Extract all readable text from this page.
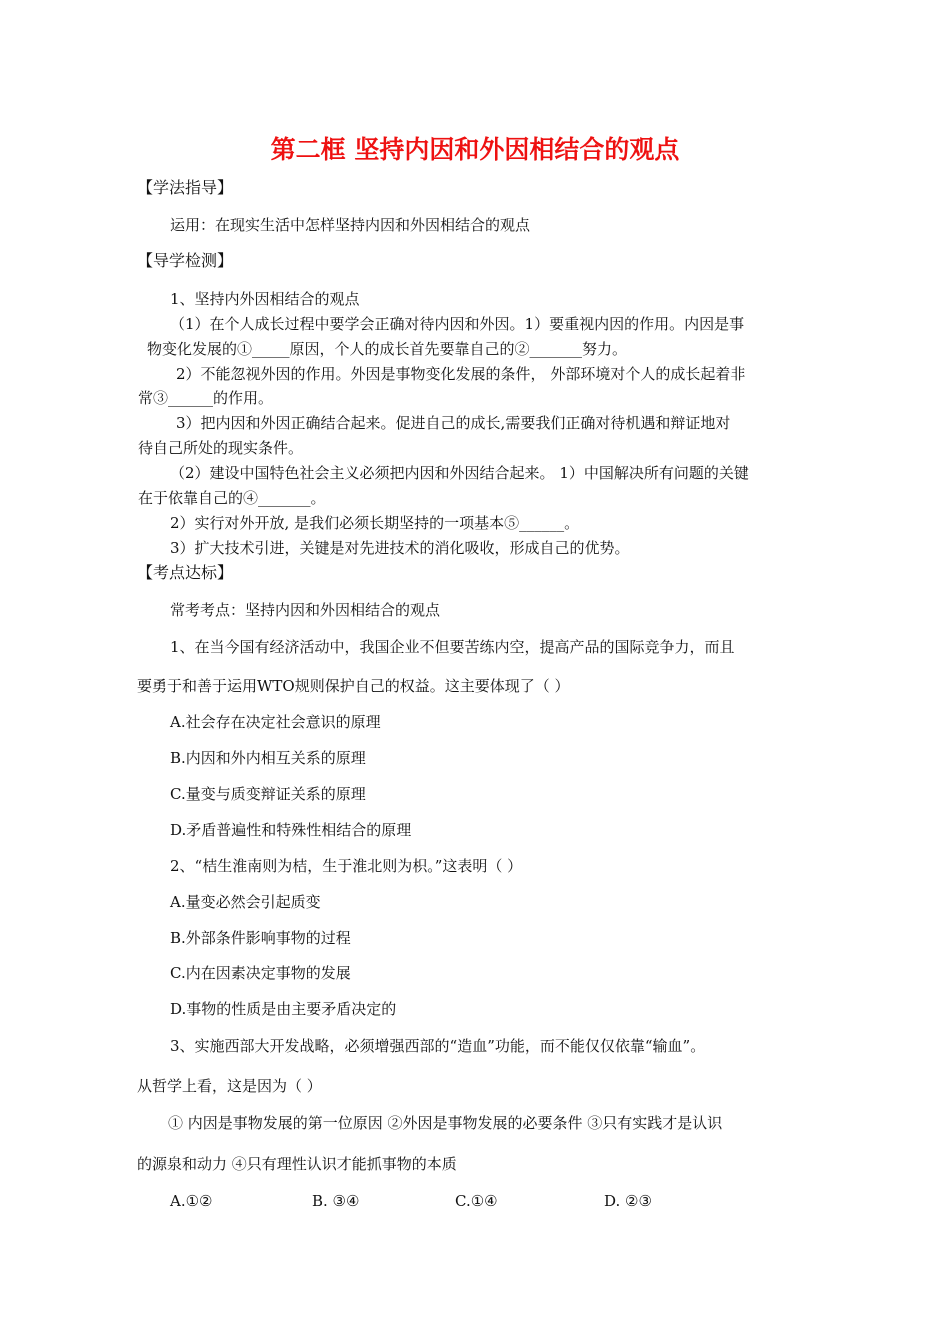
第二框 坚持内因和外因相结合的观点
【学法指导】
运用：在现实生活中怎样坚持内因和外因相结合的观点
【导学检测】
1、坚持内外因相结合的观点
（1）在个人成长过程中要学会正确对待内因和外因。1）要重视内因的作用。内因是事
物变化发展的①_____原因，个人的成长首先要靠自己的②_______努力。
2）不能忽视外因的作用。外因是事物变化发展的条件， 外部环境对个人的成长起着非
常③______的作用。
3）把内因和外因正确结合起来。促进自己的成长,需要我们正确对待机遇和辩证地对
待自己所处的现实条件。
（2）建设中国特色社会主义必须把内因和外因结合起来。 1）中国解决所有问题的关键
在于依靠自己的④_______。
2）实行对外开放, 是我们必须长期坚持的一项基本⑤______。
3）扩大技术引进，关键是对先进技术的消化吸收，形成自己的优势。
【考点达标】
常考考点：坚持内因和外因相结合的观点
1、在当今国有经济活动中，我国企业不但要苦练内空，提高产品的国际竞争力，而且
要勇于和善于运用WTO规则保护自己的权益。这主要体现了（ ）
A.社会存在决定社会意识的原理
B.内因和外内相互关系的原理
C.量变与质变辩证关系的原理
D.矛盾普遍性和特殊性相结合的原理
2、“桔生淮南则为桔，生于淮北则为枳。”这表明（ ）
A.量变必然会引起质变
B.外部条件影响事物的过程
C.内在因素决定事物的发展
D.事物的性质是由主要矛盾决定的
3、实施西部大开发战略，必须增强西部的“造血”功能，而不能仅仅依靠“输血”。
从哲学上看，这是因为（ ）
① 内因是事物发展的第一位原因 ②外因是事物发展的必要条件 ③只有实践才是认识
的源泉和动力 ④只有理性认识才能抓事物的本质
A.①②	B. ③④	C.①④	D. ②③
